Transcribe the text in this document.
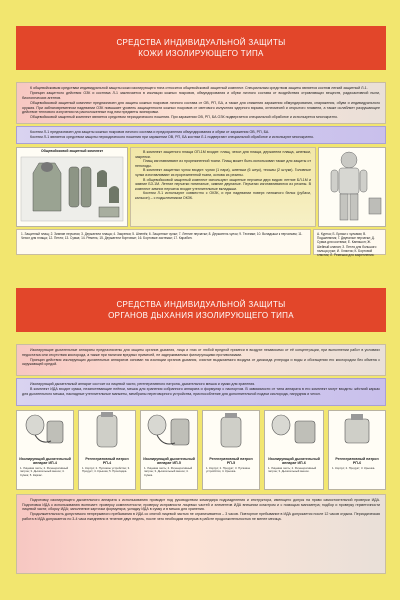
СРЕДСТВА ИНДИВИДУАЛЬНОЙ ЗАЩИТЫ
КОЖИ ИЗОЛИРУЮЩЕГО ТИПА

К общевойсковым средствам индивидуальной защиты кожи изолирующего типа относится общевойсковой защитный комплект. Специальным средством защиты является костюм легкий защитный Л-1.

Принцип защитного действия ОЗК и костюма Л-1 заключается в изоляции кожных покровов, обмундирования и обуви личного состава от воздействия отравляющих веществ, радиоактивной пыли, биологических агентов.

Общевойсковой защитный комплект предназначен для защиты кожных покровов личного состава от ОВ, РП, БА, а также для снижения заражения обмундирования, снаряжения, обуви и индивидуального оружия. При заблаговременном надевании ОЗК повышает уровень защищенности кожных покровов от светового излучения ядерного взрыва, огнесмесей и открытого пламени, а также ослабляет разрушающее действие теплового излучения на расположенные под ним предметы экипировки.

Общевойсковой защитный комплект является средством периодического ношения. При заражении ОВ, РП, БА ОЗК подвергается специальной обработке и используется многократно.

Костюм Л-1 предназначен для защиты кожных покровов личного состава и предохранения обмундирования и обуви от заражения ОВ, РП, БА.

Костюм Л-1 является средством защиты периодического ношения при заражении ОВ, РП, БА костюм Л-1 подвергают специальной обработке и используют многократно.

Общевойсковой защитный комплект	В комплект защитного плаща ОП-1М входят: плащ, чехол для плаща, держатели плаща, шпеньки, закрепки.

Плащ изготавливают из прорезиненной ткани. Плащ может быть использован также для защиты от непогоды.

В комплект защитных чулок входят: чулки (1 пара), шпеньки (6 штук), тесьмы (2 штуки). Головные чулки изготавливают из прорезиненной ткани, основа из резины.

В общевойсковой защитный комплект используют защитные перчатки двух видов: летние БЛ-1М и зимние БЗ-1М. Летние перчатки пятипалые, зимние двупалые. Перчатки изготавливаются из резины. В комплект зимних перчаток входят утеплительные вкладыши.

Костюм Л-1 используют совместно с ОКЗК, и при надевании поверх натяжного белья (рубахи, кальсон) – с подшлемником ОКЗК.

1. Защитный плащ; 2. Зимние перчатки; 3. Держатели плаща; 4. Закрепки; 5. Шпенёк; 6. Защитные чулки; 7. Летние перчатки; 8. Держатель чулок; 9. Тесемки; 10. Вкладыши к перчаткам; 11. Чехол для плаща; 12. Петля; 13. Сумка; 14. Ремень; 15. Держатели бортовые; 16. Бортовые застежки; 17. Карабин.
А. Куртка; Б. Брюки с чулками; В. Подшлемник; Г. Двупалые перчатки; Д. Сумка для костюма; Е. Капюшон; Ж. Шейный клапан; З. Петля для большого пальца руки; И. Хлястик; К. Бортовой хлястик; Л. Ремешки для закрепления.
СРЕДСТВА ИНДИВИДУАЛЬНОЙ ЗАЩИТЫ
ОРГАНОВ ДЫХАНИЯ ИЗОЛИРУЮЩЕГО ТИПА

Изолирующие дыхательные аппараты предназначены для защиты органов дыхания, лица и глаз от любой вредной примеси в воздухе независимо от её концентрации, при выполнении работ в условиях недостатка или отсутствия кислорода, а также при наличии вредных примесей, не задерживаемых фильтрующими противогазами.

Принцип действия изолирующих дыхательных аппаратов основан на изоляции органов дыхания, очистке выдыхаемого воздуха от диоксида углерода и воды и обогащении его кислородом без обмена с окружающей средой.

Изолирующий дыхательный аппарат состоит из лицевой части, регенеративного патрона, дыхательного мешка и сумки для хранения.

В комплект ИДА входят сумка, незапотевающие плёнки, мешок для хранения собранного аппарата и формуляр с паспортом. В зависимости от типа аппарата в его комплект могут входить: жёсткий каркас для дыхательного мешка, накладные утеплительные манжеты, мембраны переговорного устройства, приспособление для дополнительной подачи кислорода, нагрудник и чехол.

Изолирующий дыхательный аппарат ИП-4
1. Лицевая часть; 2. Регенеративный патрон; 3. Дыхательный мешок; 4. Сумка; 5. Каркас.
Регенеративный патрон РП-4
1. Корпус; 2. Пусковое устройство; 3. Продукт; 4. Крышка; 5. Прокладка.
Изолирующий дыхательный аппарат ИП-5
1. Лицевая часть; 2. Регенеративный патрон; 3. Дыхательный мешок; 4. Сумка.
Регенеративный патрон РП-5
1. Корпус; 2. Продукт; 3. Пусковое устройство; 4. Крышка.
Изолирующий дыхательный аппарат ИП-6
1. Лицевая часть; 2. Регенеративный патрон; 3. Дыхательный мешок.
Регенеративный патрон РП-6
1. Корпус; 2. Продукт; 3. Крышка.

Подготовку изолирующего дыхательного аппарата к использованию проводит под руководством командира подразделения и инструктора, имеющего допуск на право самостоятельной проверки ИДА. Подготовка ИДА к использованию включает: проверку комплектности; проверку исправности лицевых частей и элементов ИДА внешним осмотром и с помощью манометра; подбор и проверку герметичности лицевой части; сборку ИДА; заполнение карточки формуляра; укладку ИДА в сумку и в мешок для хранения.

Продолжительность допустимого непрерывного пребывания в ИДА со снятой лицевой частью не ограничивается – 3 часов. Повторное пребывание в ИДА допускается после 12 часов отдыха. Периодическая работа в ИДА допускается по 3-4 часа ежедневно в течение двух недель, после чего необходим перерыв в работе продолжительностью не менее месяца.
